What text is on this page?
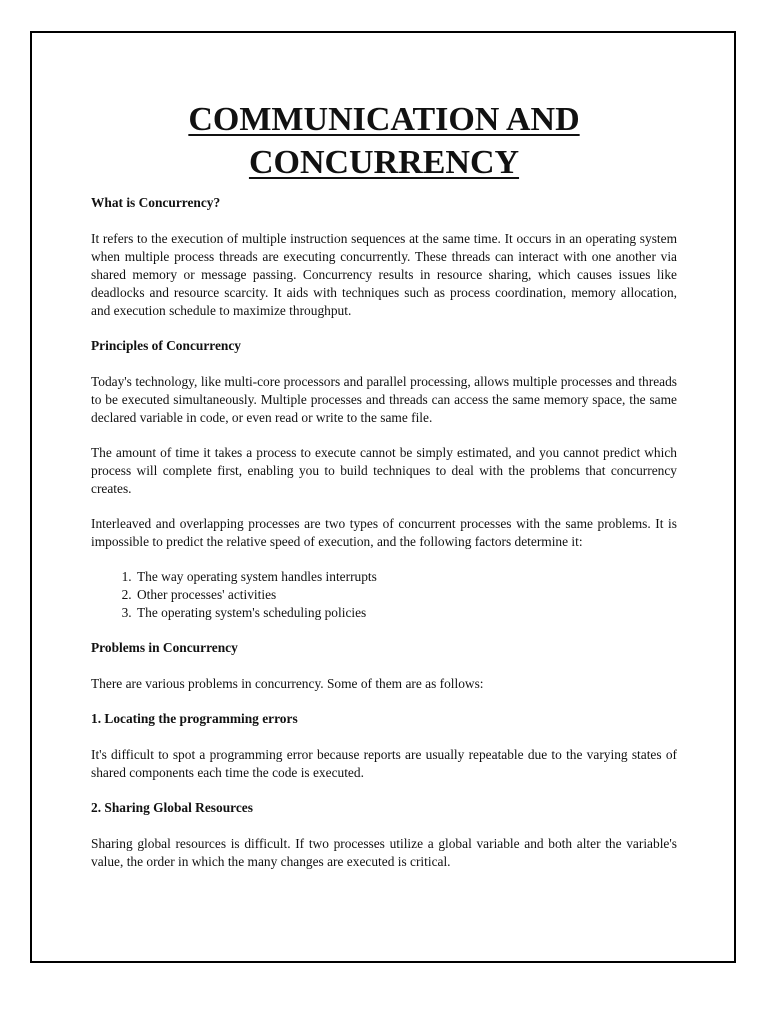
COMMUNICATION AND
CONCURRENCY
What is Concurrency?

It refers to the execution of multiple instruction sequences at the same time. It occurs in an operating system when multiple process threads are executing concurrently. These threads can interact with one another via shared memory or message passing. Concurrency results in resource sharing, which causes issues like deadlocks and resource scarcity. It aids with techniques such as process coordination, memory allocation, and execution schedule to maximize throughput.

Principles of Concurrency

Today's technology, like multi-core processors and parallel processing, allows multiple processes and threads to be executed simultaneously. Multiple processes and threads can access the same memory space, the same declared variable in code, or even read or write to the same file.

The amount of time it takes a process to execute cannot be simply estimated, and you cannot predict which process will complete first, enabling you to build techniques to deal with the problems that concurrency creates.

Interleaved and overlapping processes are two types of concurrent processes with the same problems. It is impossible to predict the relative speed of execution, and the following factors determine it:

1. The way operating system handles interrupts
2. Other processes' activities
3. The operating system's scheduling policies
Problems in Concurrency

There are various problems in concurrency. Some of them are as follows:

1. Locating the programming errors

It's difficult to spot a programming error because reports are usually repeatable due to the varying states of shared components each time the code is executed.

2. Sharing Global Resources

Sharing global resources is difficult. If two processes utilize a global variable and both alter the variable's value, the order in which the many changes are executed is critical.
